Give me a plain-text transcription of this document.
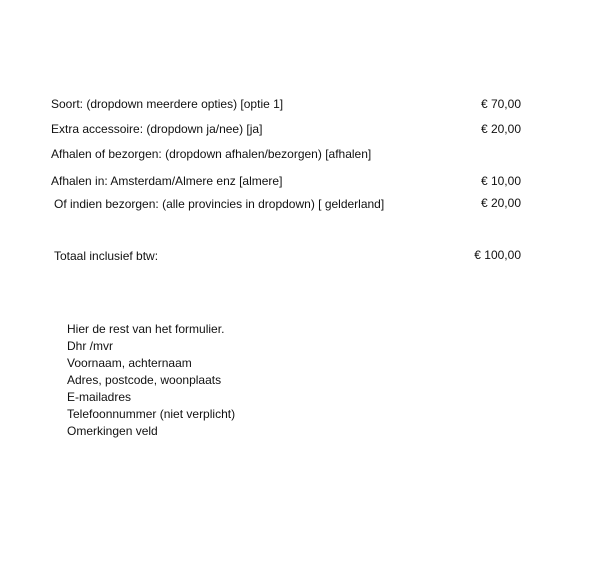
Soort: (dropdown meerdere opties) [optie 1]	€ 70,00
Extra accessoire: (dropdown ja/nee) [ja]	€ 20,00
Afhalen of bezorgen: (dropdown afhalen/bezorgen) [afhalen]
Afhalen in: Amsterdam/Almere enz [almere]	€ 10,00
Of indien bezorgen: (alle provincies in dropdown) [ gelderland]	€ 20,00
Totaal inclusief btw:	€ 100,00
Hier de rest van het formulier.
Dhr /mvr
Voornaam, achternaam
Adres, postcode, woonplaats
E-mailadres
Telefoonnummer (niet verplicht)
Omerkingen veld
